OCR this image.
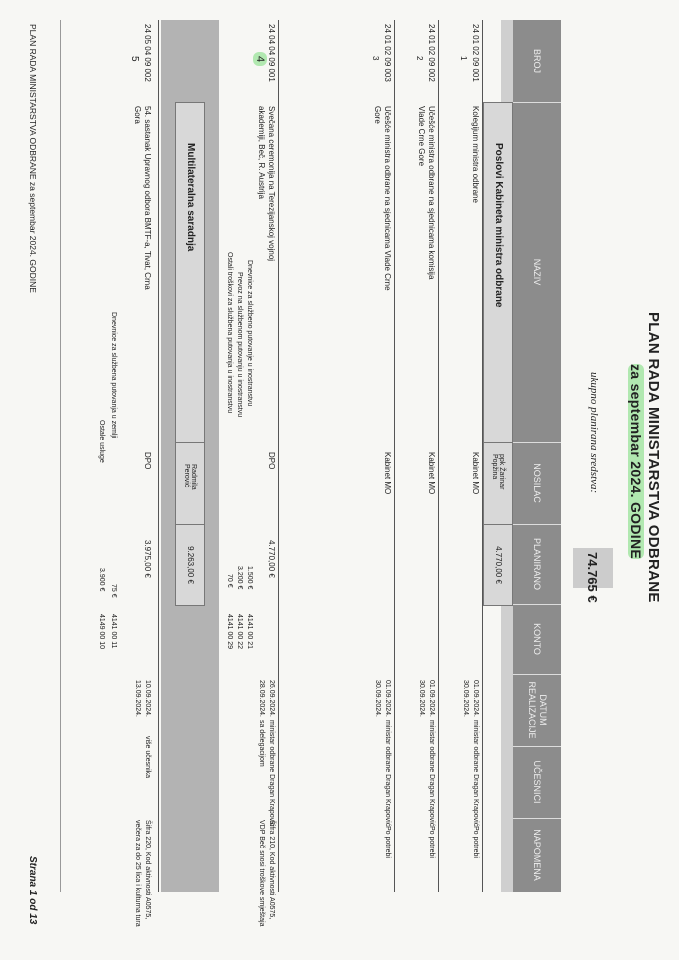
PLAN RADA MINISTARSTVA ODBRANE
za septembar 2024. GODINE
ukupno planirana sredstva:
74.765 €
BROJ
NAZIV
NOSILAC
PLANIRANO
KONTO
DATUM REALIZACIJE
UČESNICI
NAPOMENA
Poslovi Kabineta ministra odbrane
ppk Žarinar Popžina
4.770,00 €
24 01 02 09 001
1
Kolegijum ministra odbrane
Kabinet MO
01.09.2024.
30.09.2024.
ministar odbrane Dragan Krapović
Po potrebi
24 01 02 09 002
2
Učešće ministra odbrane na sjednicama komisija
Vlade Crne Gore
Kabinet MO
01.09.2024.
30.09.2024.
ministar odbrane Dragan Krapović
Po potrebi
24 01 02 09 003
3
Učešće ministra odbrane na sjednicama Vlade Crne
Gore
Kabinet MO
01.09.2024.
30.09.2024.
ministar odbrane Dragan Krapović
Po potrebi
24 04 04 09 001
4
Svečana ceremonija na Terezijanskoj vojnoj
akademiji, Beč, R. Austrija
DPO
4.770,00 €
Dnevnice za službeno putovanje u inostranstvu
1.500 €
4141 00 21
Prevoz na službenom putovanju u inostranstvu
3.200 €
4141 00 22
Ostali troškovi za službena putovanja u inostranstvu
70 €
4141 00 29
26.09.2024.
28.09.2024.
ministar odbrane Dragan Krapović
sa delegacijom
Šifra 210, Kod aktivnosti A0575,
VDP Beč snosi troškove smještaja
Multilateralna saradnja
Radmila Perović
9.263,00 €
24 05 04 09 002
5
54. sastanak Upravnog odbora BMTF-a, Tivat, Crna
Gora
DPO
3.975,00 €
Dnevnice za službena putovanja u zemlji
75 €
4141 00 11
Ostale usluge
3.900 €
4149 00 10
10.09.2024.
13.09.2024.
više učesnika
Šifra 220, Kod aktivnosti A0575,
večera za do 25 lica i kulturna tura
PLAN RADA MINISTARSTVA ODBRANE za septembar 2024. GODINE
Strana 1 od 13
